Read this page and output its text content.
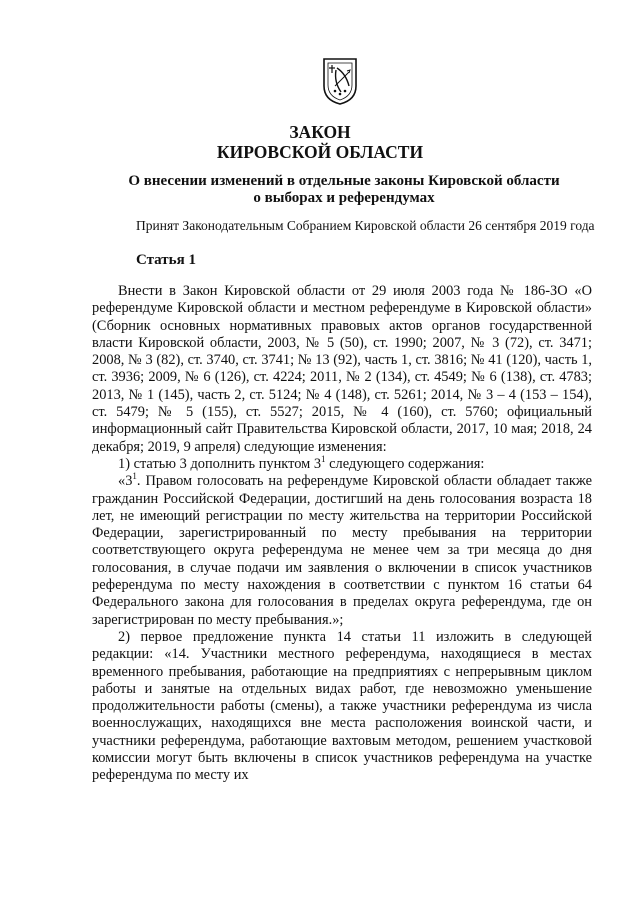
ЗАКОН
КИРОВСКОЙ ОБЛАСТИ
О внесении изменений в отдельные законы Кировской области
о выборах и референдумах
Принят Законодательным Собранием Кировской области 26 сентября 2019 года
Статья 1

Внести в Закон Кировской области от 29 июля 2003 года № 186-ЗО «О референдуме Кировской области и местном референдуме в Кировской области» (Сборник основных нормативных правовых актов органов государственной власти Кировской области, 2003, № 5 (50), ст. 1990; 2007, № 3 (72), ст. 3471; 2008, № 3 (82), ст. 3740, ст. 3741; № 13 (92), часть 1, ст. 3816; № 41 (120), часть 1, ст. 3936; 2009, № 6 (126), ст. 4224; 2011, № 2 (134), ст. 4549; № 6 (138), ст. 4783; 2013, № 1 (145), часть 2, ст. 5124; № 4 (148), ст. 5261; 2014, № 3 – 4 (153 – 154), ст. 5479; № 5 (155), ст. 5527; 2015, № 4 (160), ст. 5760; официальный информационный сайт Правительства Кировской области, 2017, 10 мая; 2018, 24 декабря; 2019, 9 апреля) следующие изменения:

1) статью 3 дополнить пунктом $3^1$ следующего содержания:

«$3^1$. Правом голосовать на референдуме Кировской области обладает также гражданин Российской Федерации, достигший на день голосования возраста 18 лет, не имеющий регистрации по месту жительства на территории Российской Федерации, зарегистрированный по месту пребывания на территории соответствующего округа референдума не менее чем за три месяца до дня голосования, в случае подачи им заявления о включении в список участников референдума по месту нахождения в соответствии с пунктом 16 статьи 64 Федерального закона для голосования в пределах округа референдума, где он зарегистрирован по месту пребывания.»;

2) первое предложение пункта 14 статьи 11 изложить в следующей редакции: «14. Участники местного референдума, находящиеся в местах временного пребывания, работающие на предприятиях с непрерывным циклом работы и занятые на отдельных видах работ, где невозможно уменьшение продолжительности работы (смены), а также участники референдума из числа военнослужащих, находящихся вне места расположения воинской части, и участники референдума, работающие вахтовым методом, решением участковой комиссии могут быть включены в список участников референдума на участке референдума по месту их
